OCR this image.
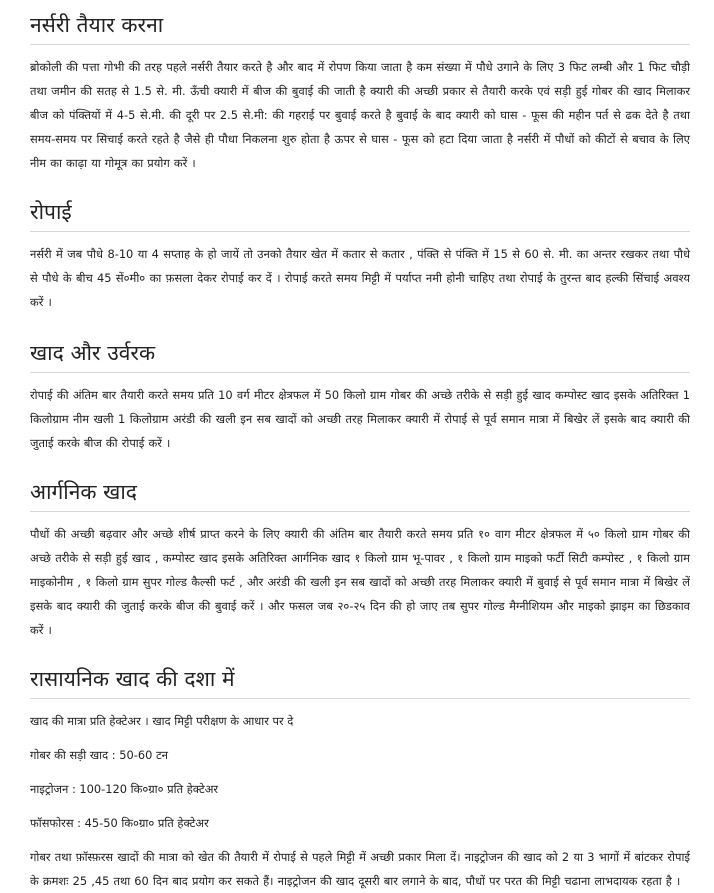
नर्सरी तैयार करना

ब्रोकोली की पत्ता गोभी की तरह पहले नर्सरी तैयार करते है और बाद में रोपण किया जाता है कम संख्या में पौधे उगाने के लिए 3 फिट लम्बी और 1 फिट चौड़ी तथा जमीन की सतह से 1.5 से. मी. ऊँची क्यारी में बीज की बुवाई की जाती है क्यारी की अच्छी प्रकार से तैयारी करके एवं सड़ी हुई गोबर की खाद मिलाकर बीज को पंक्तियों में 4-5 से.मी. की दूरी पर 2.5 से.मी: की गहराई पर बुवाई करते है बुवाई के बाद क्यारी को घास - फूस की महीन पर्त से ढक देते है तथा समय-समय पर सिचाई करते रहते है जैसे ही पौधा निकलना शुरु होता है ऊपर से घास - फूस को हटा दिया जाता है नर्सरी में पौधों को कीटों से बचाव के लिए नीम का काढ़ा या गोमूत्र का प्रयोग करें ।

रोपाई

नर्सरी में जब पौधे 8-10 या 4 सप्ताह के हो जायें तो उनको तैयार खेत में कतार से कतार , पंक्ति से पंक्ति में 15 से 60 से. मी. का अन्तर रखकर तथा पौधे से पौधे के बीच 45 सें०मी० का फ़सला देकर रोपाई कर दें । रोपाई करते समय मिट्टी में पर्याप्त नमी होनी चाहिए तथा रोपाई के तुरन्त बाद हल्की सिंचाई अवश्य करें ।

खाद और उर्वरक

रोपाई की अंतिम बार तैयारी करते समय प्रति 10 वर्ग मीटर क्षेत्रफल में 50 किलो ग्राम गोबर की अच्छे तरीके से सड़ी हुई खाद कम्पोस्ट खाद इसके अतिरिक्त 1 किलोग्राम नीम खली 1 किलोग्राम अरंडी की खली इन सब खादों को अच्छी तरह मिलाकर क्यारी में रोपाई से पूर्व समान मात्रा में बिखेर लें इसके बाद क्यारी की जुताई करके बीज की रोपाई करें ।

आर्गनिक खाद

पौधों की अच्छी बढ़वार और अच्छे शीर्ष प्राप्त करने के लिए क्यारी की अंतिम बार तैयारी करते समय प्रति १० वाग मीटर क्षेत्रफल में ५० किलो ग्राम गोबर की अच्छे तरीके से सड़ी हुई खाद , कम्पोस्ट खाद इसके अतिरिक्त आर्गनिक खाद १ किलो ग्राम भू-पावर , १ किलो ग्राम माइको फर्टी सिटी कम्पोस्ट , १ किलो ग्राम माइकोनीम , १ किलो ग्राम सुपर गोल्ड कैल्सी फर्ट , और अरंडी की खली इन सब खादों को अच्छी तरह मिलाकर क्यारी में बुवाई से पूर्व समान मात्रा में बिखेर लें इसके बाद क्यारी की जुताई करके बीज की बुवाई करें । और फसल जब २०-२५ दिन की हो जाए तब सुपर गोल्ड मैग्नीशियम और माइको झाइम का छिडकाव करें ।

रासायनिक खाद की दशा में

खाद की मात्रा प्रति हेक्टेअर । खाद मिट्टी परीक्षण के आधार पर दे

गोबर की सड़ी खाद : 50-60 टन

नाइट्रोजन : 100-120 कि०ग्रा० प्रति हेक्टेअर

फॉसफोरस : 45-50 कि०ग्रा० प्रति हेक्टेअर

गोबर तथा फ़ॉस्फ़रस खादों की मात्रा को खेत की तैयारी में रोपाई से पहले मिट्टी में अच्छी प्रकार मिला दें। नाइट्रोजन की खाद को 2 या 3 भागों में बांटकर रोपाई के क्रमशः 25 ,45 तथा 60 दिन बाद प्रयोग कर सकते हैं। नाइट्रोजन की खाद दूसरी बार लगाने के बाद, पौधों पर परत की मिट्टी चढाना लाभदायक रहता है ।
